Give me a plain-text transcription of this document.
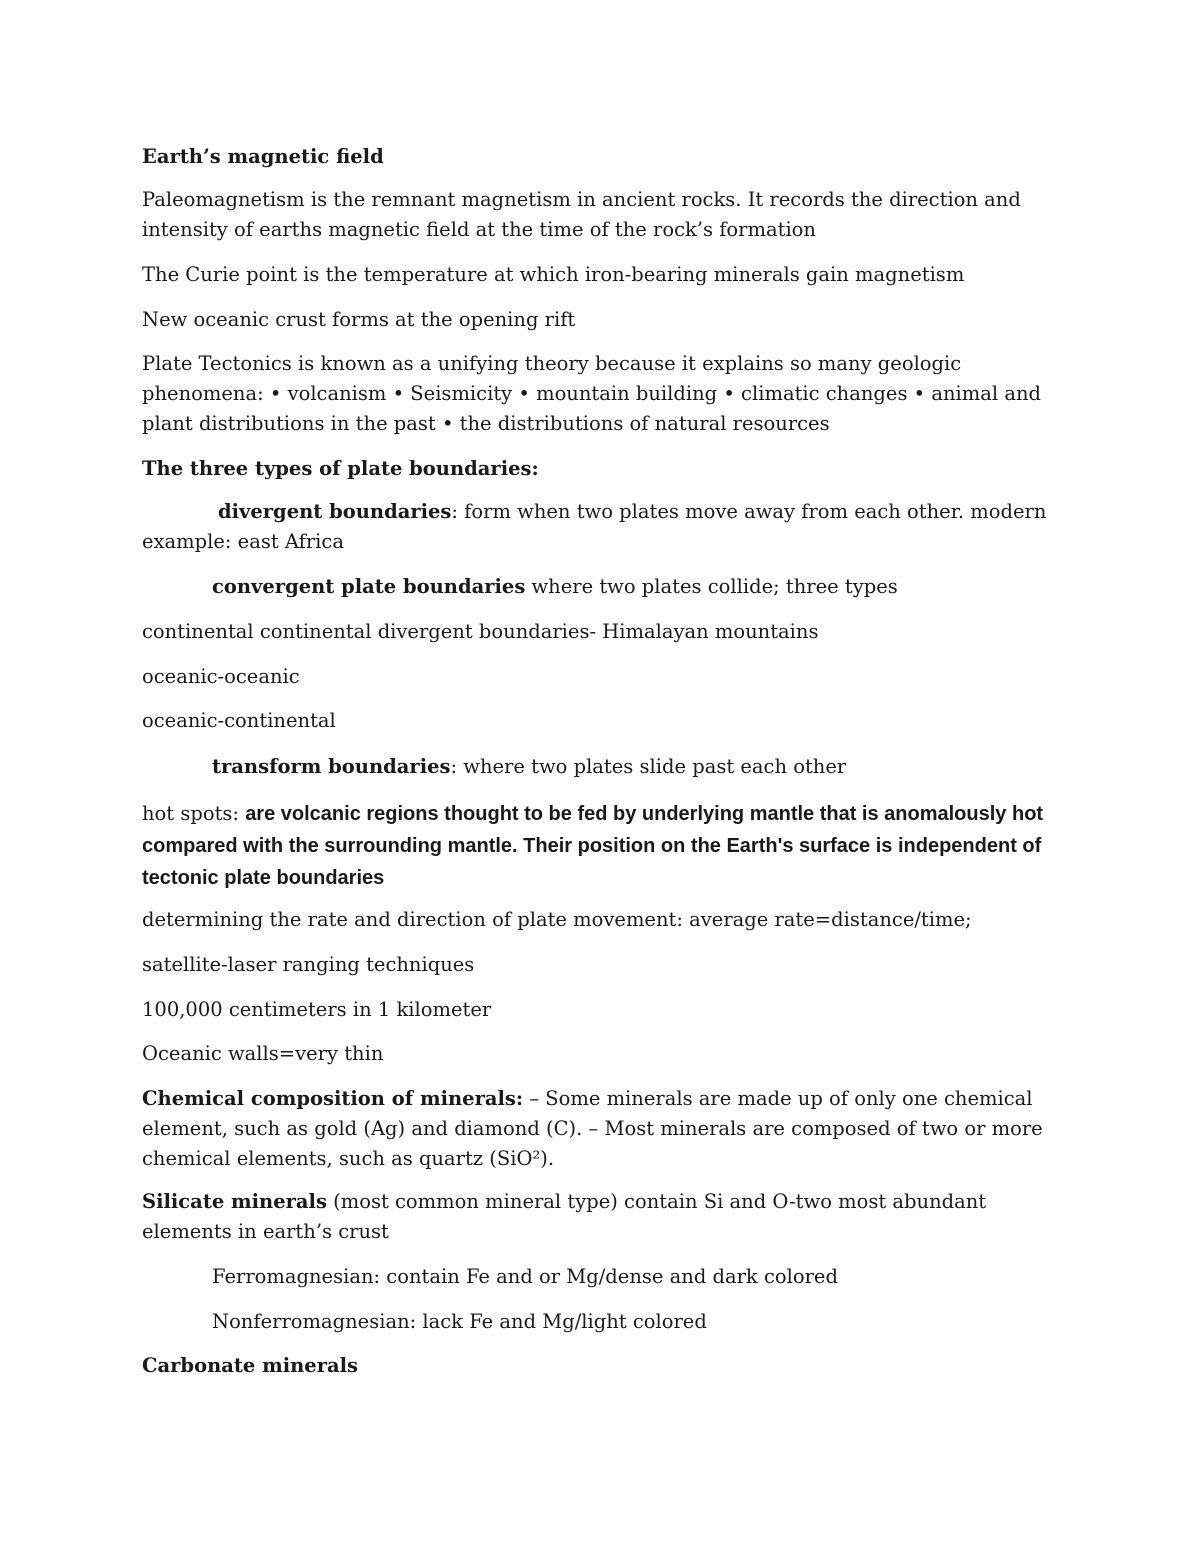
Earth’s magnetic field

Paleomagnetism is the remnant magnetism in ancient rocks. It records the direction and intensity of earths magnetic field at the time of the rock’s formation

The Curie point is the temperature at which iron-bearing minerals gain magnetism

New oceanic crust forms at the opening rift

Plate Tectonics is known as a unifying theory because it explains so many geologic phenomena: • volcanism • Seismicity • mountain building • climatic changes • animal and plant distributions in the past • the distributions of natural resources

The three types of plate boundaries:

divergent boundaries: form when two plates move away from each other. modern example: east Africa

convergent plate boundaries where two plates collide; three types

continental continental divergent boundaries- Himalayan mountains

oceanic-oceanic

oceanic-continental

transform boundaries: where two plates slide past each other

hot spots: are volcanic regions thought to be fed by underlying mantle that is anomalously hot compared with the surrounding mantle. Their position on the Earth's surface is independent of tectonic plate boundaries

determining the rate and direction of plate movement: average rate=distance/time;

satellite-laser ranging techniques

100,000 centimeters in 1 kilometer

Oceanic walls=very thin

Chemical composition of minerals: – Some minerals are made up of only one chemical element, such as gold (Ag) and diamond (C). – Most minerals are composed of two or more chemical elements, such as quartz (SiO²).

Silicate minerals (most common mineral type) contain Si and O-two most abundant elements in earth’s crust

Ferromagnesian: contain Fe and or Mg/dense and dark colored

Nonferromagnesian: lack Fe and Mg/light colored

Carbonate minerals
